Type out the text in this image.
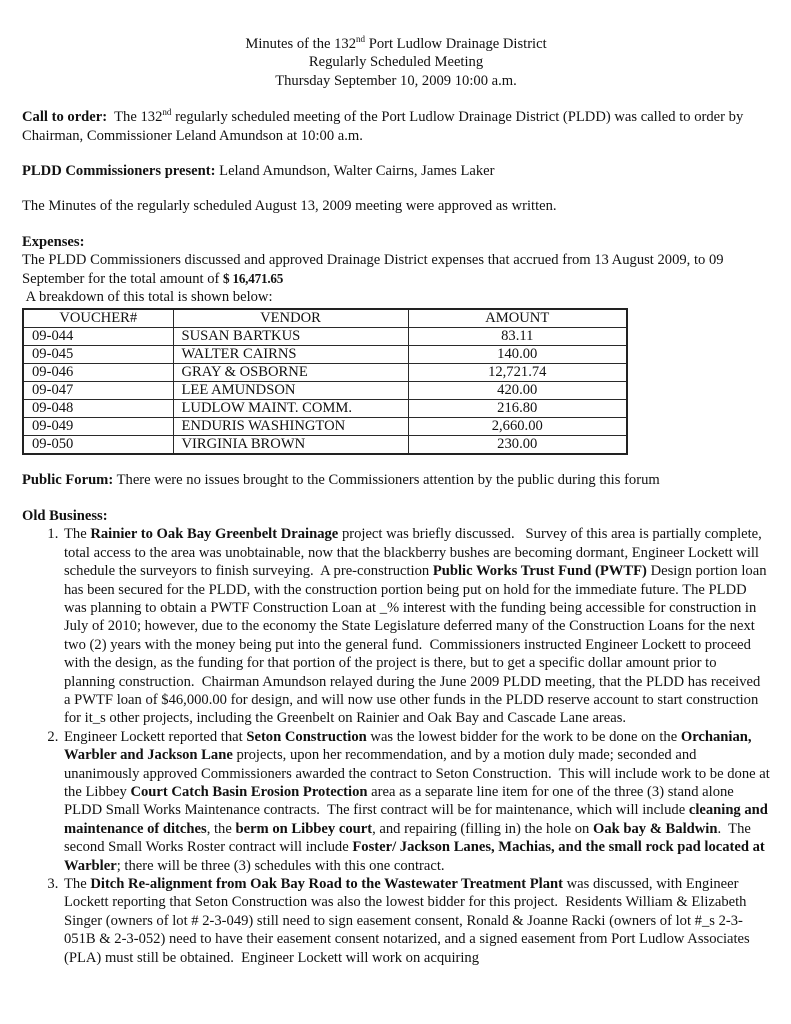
Minutes of the 132nd Port Ludlow Drainage District
Regularly Scheduled Meeting
Thursday September 10, 2009 10:00 a.m.

Call to order:  The 132nd regularly scheduled meeting of the Port Ludlow Drainage District (PLDD) was called to order by Chairman, Commissioner Leland Amundson at 10:00 a.m.

PLDD Commissioners present: Leland Amundson, Walter Cairns, James Laker

The Minutes of the regularly scheduled August 13, 2009 meeting were approved as written.

Expenses:
The PLDD Commissioners discussed and approved Drainage District expenses that accrued from 13 August 2009, to 09 September for the total amount of $ 16,471.65
A breakdown of this total is shown below:
VOUCHER#	VENDOR	AMOUNT
09-044	SUSAN BARTKUS	83.11
09-045	WALTER CAIRNS	140.00
09-046	GRAY & OSBORNE	12,721.74
09-047	LEE AMUNDSON	420.00
09-048	LUDLOW MAINT. COMM.	216.80
09-049	ENDURIS WASHINGTON	2,660.00
09-050	VIRGINIA BROWN	230.00

Public Forum: There were no issues brought to the Commissioners attention by the public during this forum

Old Business:
1. The Rainier to Oak Bay Greenbelt Drainage project was briefly discussed.   Survey of this area is partially complete, total access to the area was unobtainable, now that the blackberry bushes are becoming dormant, Engineer Lockett will schedule the surveyors to finish surveying.  A pre-construction Public Works Trust Fund (PWTF) Design portion loan has been secured for the PLDD, with the construction portion being put on hold for the immediate future. The PLDD was planning to obtain a PWTF Construction Loan at _% interest with the funding being accessible for construction in July of 2010; however, due to the economy the State Legislature deferred many of the Construction Loans for the next two (2) years with the money being put into the general fund.  Commissioners instructed Engineer Lockett to proceed with the design, as the funding for that portion of the project is there, but to get a specific dollar amount prior to planning construction.  Chairman Amundson relayed during the June 2009 PLDD meeting, that the PLDD has received a PWTF loan of $46,000.00 for design, and will now use other funds in the PLDD reserve account to start construction for it_s other projects, including the Greenbelt on Rainier and Oak Bay and Cascade Lane areas.
2. Engineer Lockett reported that Seton Construction was the lowest bidder for the work to be done on the Orchanian, Warbler and Jackson Lane projects, upon her recommendation, and by a motion duly made; seconded and unanimously approved Commissioners awarded the contract to Seton Construction.  This will include work to be done at the Libbey Court Catch Basin Erosion Protection area as a separate line item for one of the three (3) stand alone PLDD Small Works Maintenance contracts.  The first contract will be for maintenance, which will include cleaning and maintenance of ditches, the berm on Libbey court, and repairing (filling in) the hole on Oak bay & Baldwin.  The second Small Works Roster contract will include Foster/ Jackson Lanes, Machias, and the small rock pad located at Warbler; there will be three (3) schedules with this one contract.
3. The Ditch Re-alignment from Oak Bay Road to the Wastewater Treatment Plant was discussed, with Engineer Lockett reporting that Seton Construction was also the lowest bidder for this project.  Residents William & Elizabeth Singer (owners of lot # 2-3-049) still need to sign easement consent, Ronald & Joanne Racki (owners of lot #_s 2-3-051B & 2-3-052) need to have their easement consent notarized, and a signed easement from Port Ludlow Associates (PLA) must still be obtained.  Engineer Lockett will work on acquiring
